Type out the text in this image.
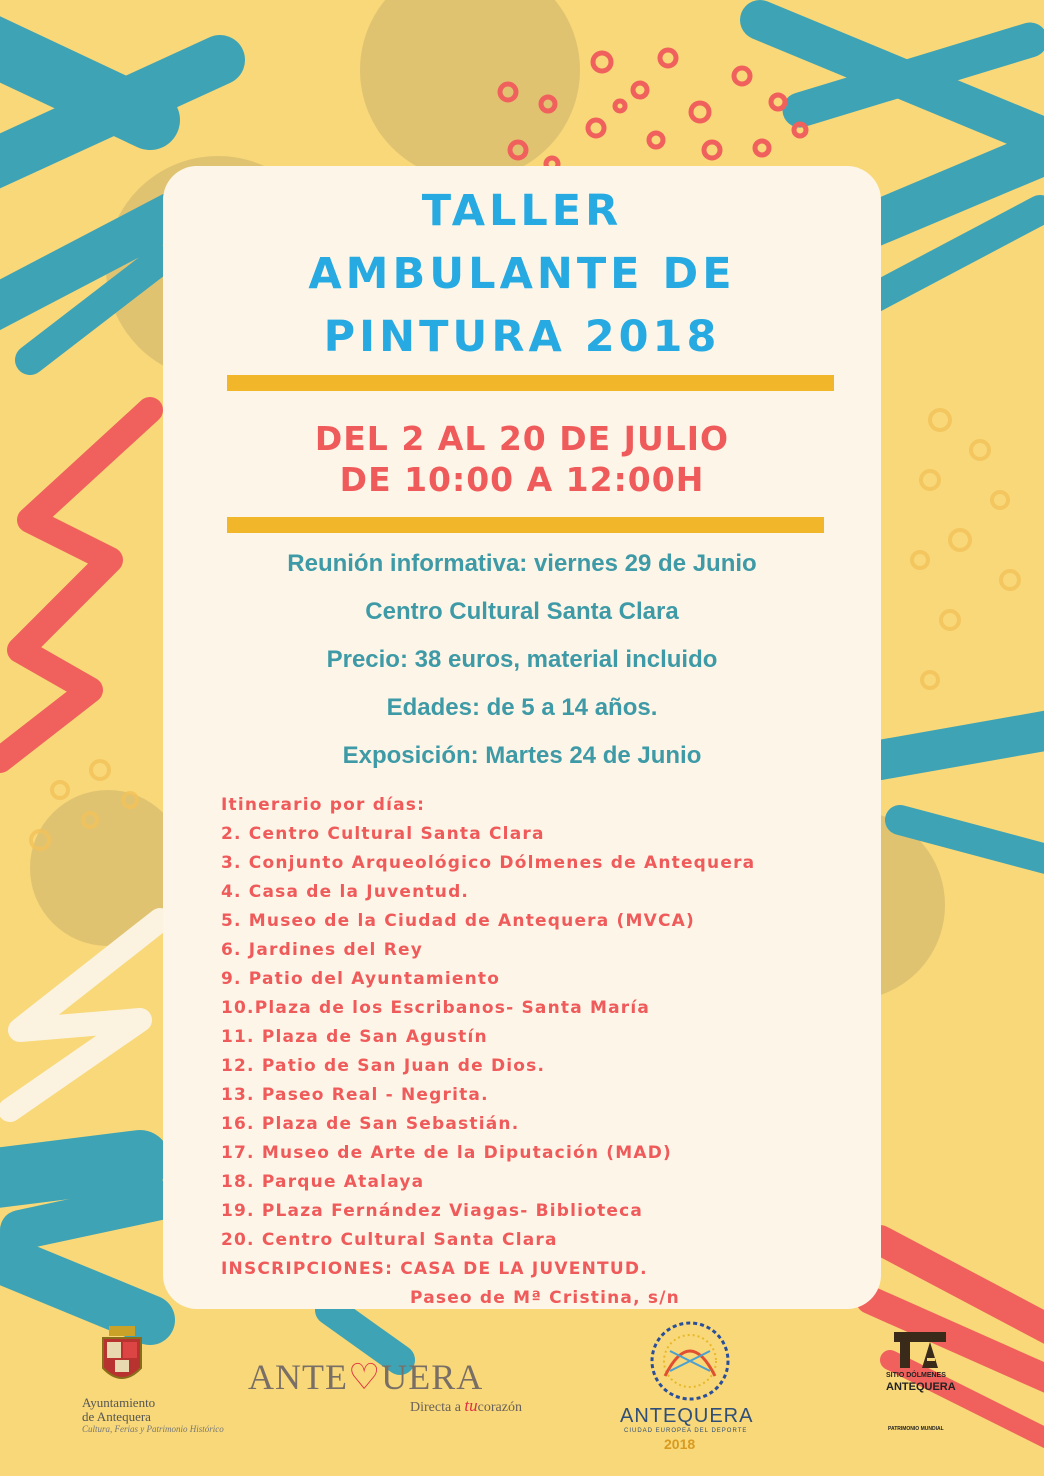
TALLER
AMBULANTE DE
PINTURA 2018
DEL 2 AL 20 DE JULIO
DE 10:00 A 12:00H
Reunión informativa: viernes 29 de Junio
Centro Cultural Santa Clara
Precio: 38 euros, material incluido
Edades: de 5 a 14 años.
Exposición: Martes 24 de Junio
Itinerario por días:
2. Centro Cultural Santa Clara
3. Conjunto Arqueológico Dólmenes de Antequera
4. Casa de la Juventud.
5. Museo de la Ciudad de Antequera (MVCA)
6. Jardines del Rey
9. Patio del Ayuntamiento
10.Plaza de los Escribanos- Santa María
11. Plaza de San Agustín
12. Patio de San Juan de Dios.
13. Paseo Real - Negrita.
16. Plaza de San Sebastián.
17. Museo de Arte de la Diputación (MAD)
18. Parque Atalaya
19. PLaza Fernández Viagas- Biblioteca
20. Centro Cultural Santa Clara
INSCRIPCIONES: CASA DE LA JUVENTUD.
Paseo de Mª Cristina, s/n
Ayuntamiento
de Antequera
Cultura, Ferias y Patrimonio Histórico
ANTE♡UERA
Directa a tucorazón	ANTEQUERA
CIUDAD EUROPEA DEL DEPORTE
2018
SITIO DÓLMENES
ANTEQUERA
PATRIMONIO MUNDIAL
